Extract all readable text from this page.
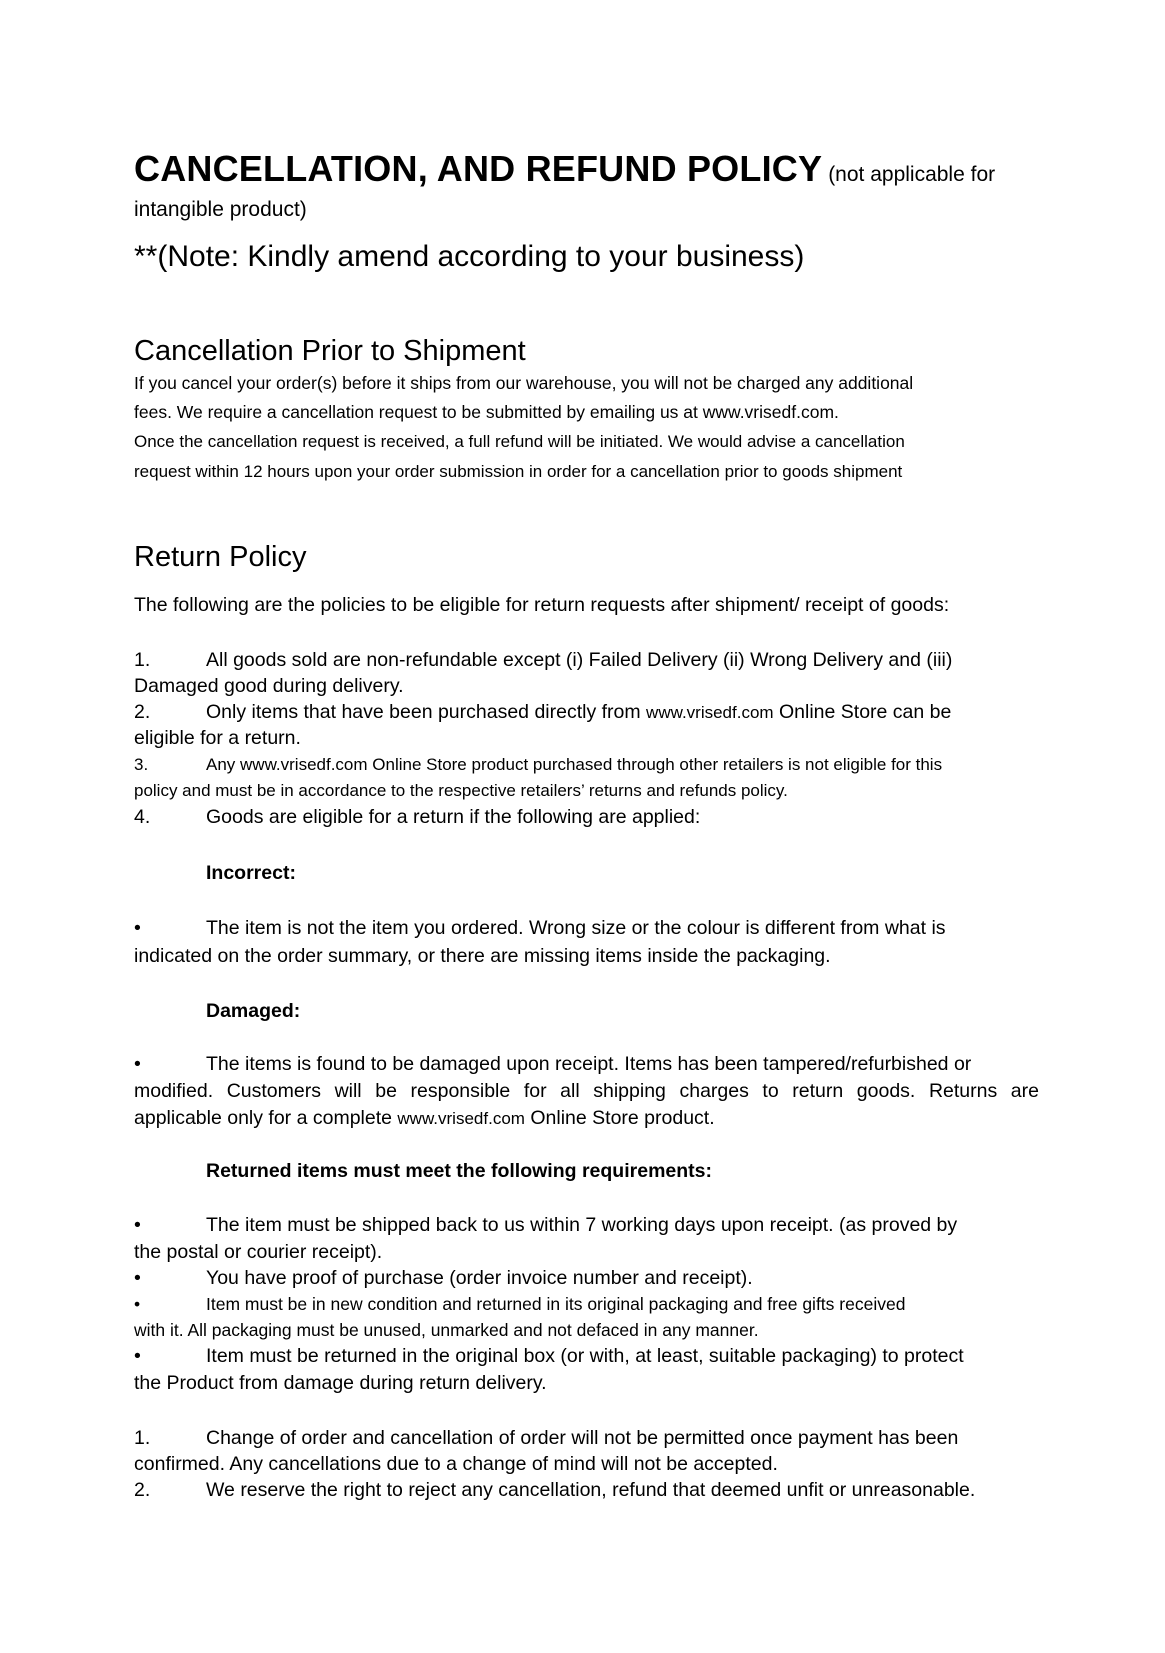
CANCELLATION, AND REFUND POLICY (not applicable for
intangible product)
**(Note: Kindly amend according to your business)
Cancellation Prior to Shipment
If you cancel your order(s) before it ships from our warehouse, you will not be charged any additional
fees. We require a cancellation request to be submitted by emailing us at www.vrisedf.com.
Once the cancellation request is received, a full refund will be initiated. We would advise a cancellation
request within 12 hours upon your order submission in order for a cancellation prior to goods shipment
Return Policy
The following are the policies to be eligible for return requests after shipment/ receipt of goods:
1.	All goods sold are non-refundable except (i) Failed Delivery (ii) Wrong Delivery and (iii)
Damaged good during delivery.
2.	Only items that have been purchased directly from www.vrisedf.com Online Store can be
eligible for a return.
3.	Any www.vrisedf.com Online Store product purchased through other retailers is not eligible for this
policy and must be in accordance to the respective retailers’ returns and refunds policy.
4.	Goods are eligible for a return if the following are applied:
Incorrect:
•	The item is not the item you ordered. Wrong size or the colour is different from what is
indicated on the order summary, or there are missing items inside the packaging.
Damaged:
•	The items is found to be damaged upon receipt. Items has been tampered/refurbished or
modified. Customers will be responsible for all shipping charges to return goods. Returns are
applicable only for a complete www.vrisedf.com Online Store product.
Returned items must meet the following requirements:
•	The item must be shipped back to us within 7 working days upon receipt. (as proved by
the postal or courier receipt).
•	You have proof of purchase (order invoice number and receipt).
•	Item must be in new condition and returned in its original packaging and free gifts received
with it. All packaging must be unused, unmarked and not defaced in any manner.
•	Item must be returned in the original box (or with, at least, suitable packaging) to protect
the Product from damage during return delivery.
1.	Change of order and cancellation of order will not be permitted once payment has been
confirmed. Any cancellations due to a change of mind will not be accepted.
2.	We reserve the right to reject any cancellation, refund that deemed unfit or unreasonable.
